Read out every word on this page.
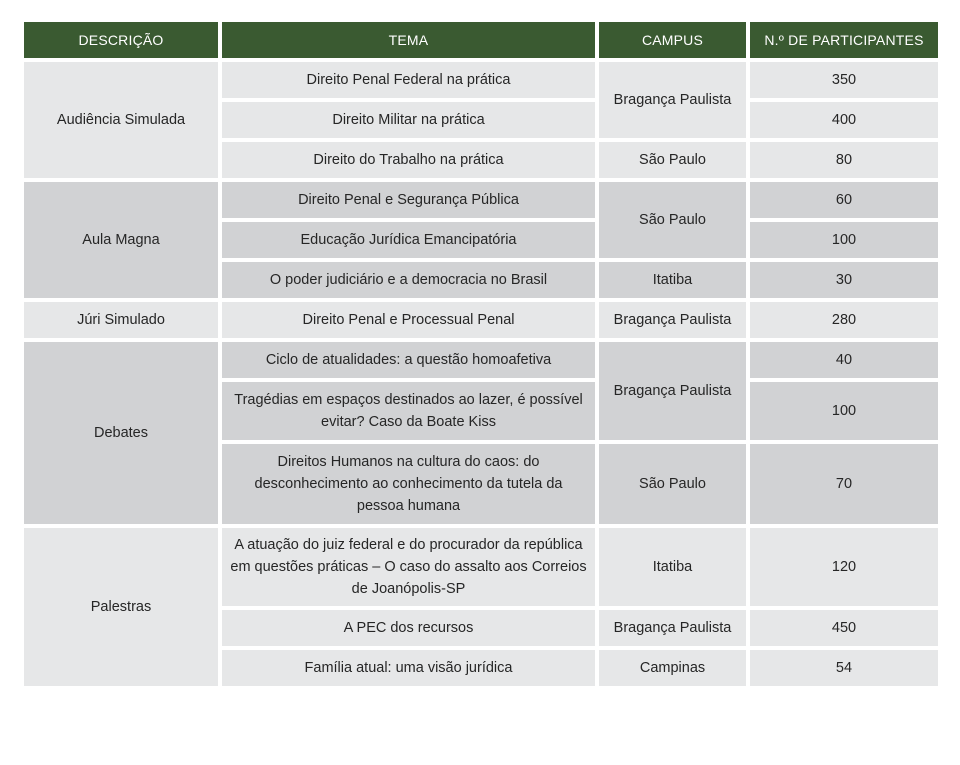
DESCRIÇÃO	TEMA	CAMPUS	N.º DE PARTICIPANTES
Audiência Simulada	Direito Penal Federal na prática	Bragança Paulista	350
	Direito Militar na prática		400
	Direito do Trabalho na prática	São Paulo	80
Aula Magna	Direito Penal e Segurança Pública	São Paulo	60
	Educação Jurídica Emancipatória		100
	O poder judiciário e a democracia no Brasil	Itatiba	30
Júri Simulado	Direito Penal e Processual Penal	Bragança Paulista	280
Debates	Ciclo de atualidades: a questão homoafetiva	Bragança Paulista	40
	Tragédias em espaços destinados ao lazer, é possível evitar? Caso da Boate Kiss		100
	Direitos Humanos na cultura do caos: do desconhecimento ao conhecimento da tutela da pessoa humana	São Paulo	70
Palestras	A atuação do juiz federal e do procurador da república em questões práticas – O caso do assalto aos Correios de Joanópolis-SP	Itatiba	120
	A PEC dos recursos	Bragança Paulista	450
	Família atual: uma visão jurídica	Campinas	54
